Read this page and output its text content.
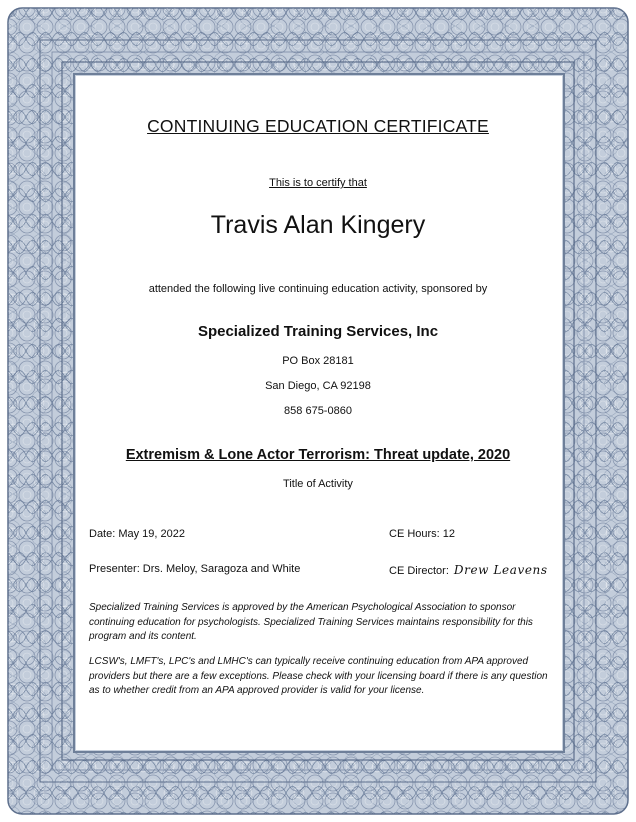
CONTINUING EDUCATION CERTIFICATE
This is to certify that
Travis Alan Kingery
attended the following live continuing education activity, sponsored by
Specialized Training Services, Inc
PO Box 28181
San Diego, CA 92198
858 675-0860
Extremism & Lone Actor Terrorism: Threat update, 2020
Title of Activity
Date: May 19, 2022	CE Hours: 12
Presenter: Drs. Meloy, Saragoza and White	CE Director: Drew Leavens
Specialized Training Services is approved by the American Psychological Association to sponsor continuing education for psychologists. Specialized Training Services maintains responsibility for this program and its content.
LCSW's, LMFT's, LPC's and LMHC's can typically receive continuing education from APA approved providers but there are a few exceptions. Please check with your licensing board if there is any question as to whether credit from an APA approved provider is valid for your license.
